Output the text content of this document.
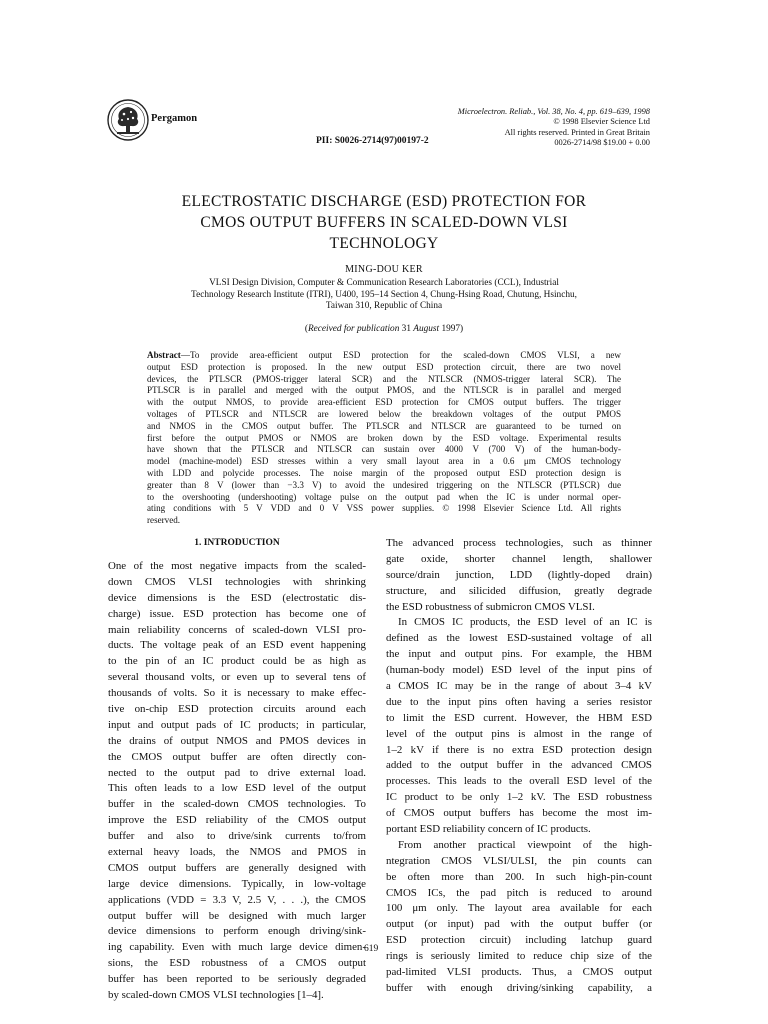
Pergamon
Microelectron. Reliab., Vol. 38, No. 4, pp. 619–639, 1998
© 1998 Elsevier Science Ltd
All rights reserved. Printed in Great Britain
0026-2714/98 $19.00 + 0.00
PII: S0026-2714(97)00197-2
ELECTROSTATIC DISCHARGE (ESD) PROTECTION FOR
CMOS OUTPUT BUFFERS IN SCALED-DOWN VLSI
TECHNOLOGY
MING-DOU KER
VLSI Design Division, Computer & Communication Research Laboratories (CCL), Industrial
Technology Research Institute (ITRI), U400, 195–14 Section 4, Chung-Hsing Road, Chutung, Hsinchu,
Taiwan 310, Republic of China
(Received for publication 31 August 1997)
Abstract—To provide area-efficient output ESD protection for the scaled-down CMOS VLSI, a new
output ESD protection is proposed. In the new output ESD protection circuit, there are two novel
devices, the PTLSCR (PMOS-trigger lateral SCR) and the NTLSCR (NMOS-trigger lateral SCR). The
PTLSCR is in parallel and merged with the output PMOS, and the NTLSCR is in parallel and merged
with the output NMOS, to provide area-efficient ESD protection for CMOS output buffers. The trigger
voltages of PTLSCR and NTLSCR are lowered below the breakdown voltages of the output PMOS
and NMOS in the CMOS output buffer. The PTLSCR and NTLSCR are guaranteed to be turned on
first before the output PMOS or NMOS are broken down by the ESD voltage. Experimental results
have shown that the PTLSCR and NTLSCR can sustain over 4000 V (700 V) of the human-body-
model (machine-model) ESD stresses within a very small layout area in a 0.6 μm CMOS technology
with LDD and polycide processes. The noise margin of the proposed output ESD protection design is
greater than 8 V (lower than −3.3 V) to avoid the undesired triggering on the NTLSCR (PTLSCR) due
to the overshooting (undershooting) voltage pulse on the output pad when the IC is under normal oper-
ating conditions with 5 V VDD and 0 V VSS power supplies. © 1998 Elsevier Science Ltd. All rights
reserved.
1. INTRODUCTION
One of the most negative impacts from the scaled-
down CMOS VLSI technologies with shrinking
device dimensions is the ESD (electrostatic dis-
charge) issue. ESD protection has become one of
main reliability concerns of scaled-down VLSI pro-
ducts. The voltage peak of an ESD event happening
to the pin of an IC product could be as high as
several thousand volts, or even up to several tens of
thousands of volts. So it is necessary to make effec-
tive on-chip ESD protection circuits around each
input and output pads of IC products; in particular,
the drains of output NMOS and PMOS devices in
the CMOS output buffer are often directly con-
nected to the output pad to drive external load.
This often leads to a low ESD level of the output
buffer in the scaled-down CMOS technologies. To
improve the ESD reliability of the CMOS output
buffer and also to drive/sink currents to/from
external heavy loads, the NMOS and PMOS in
CMOS output buffers are generally designed with
large device dimensions. Typically, in low-voltage
applications (VDD = 3.3 V, 2.5 V, . . .), the CMOS
output buffer will be designed with much larger
device dimensions to perform enough driving/sink-
ing capability. Even with much large device dimen-
sions, the ESD robustness of a CMOS output
buffer has been reported to be seriously degraded
by scaled-down CMOS VLSI technologies [1–4].
The advanced process technologies, such as thinner
gate oxide, shorter channel length, shallower
source/drain junction, LDD (lightly-doped drain)
structure, and silicided diffusion, greatly degrade
the ESD robustness of submicron CMOS VLSI.
In CMOS IC products, the ESD level of an IC is
defined as the lowest ESD-sustained voltage of all
the input and output pins. For example, the HBM
(human-body model) ESD level of the input pins of
a CMOS IC may be in the range of about 3–4 kV
due to the input pins often having a series resistor
to limit the ESD current. However, the HBM ESD
level of the output pins is almost in the range of
1–2 kV if there is no extra ESD protection design
added to the output buffer in the advanced CMOS
processes. This leads to the overall ESD level of the
IC product to be only 1–2 kV. The ESD robustness
of CMOS output buffers has become the most im-
portant ESD reliability concern of IC products.
From another practical viewpoint of the high-
ntegration CMOS VLSI/ULSI, the pin counts can
be often more than 200. In such high-pin-count
CMOS ICs, the pad pitch is reduced to around
100 μm only. The layout area available for each
output (or input) pad with the output buffer (or
ESD protection circuit) including latchup guard
rings is seriously limited to reduce chip size of the
pad-limited VLSI products. Thus, a CMOS output
buffer with enough driving/sinking capability, a
619
